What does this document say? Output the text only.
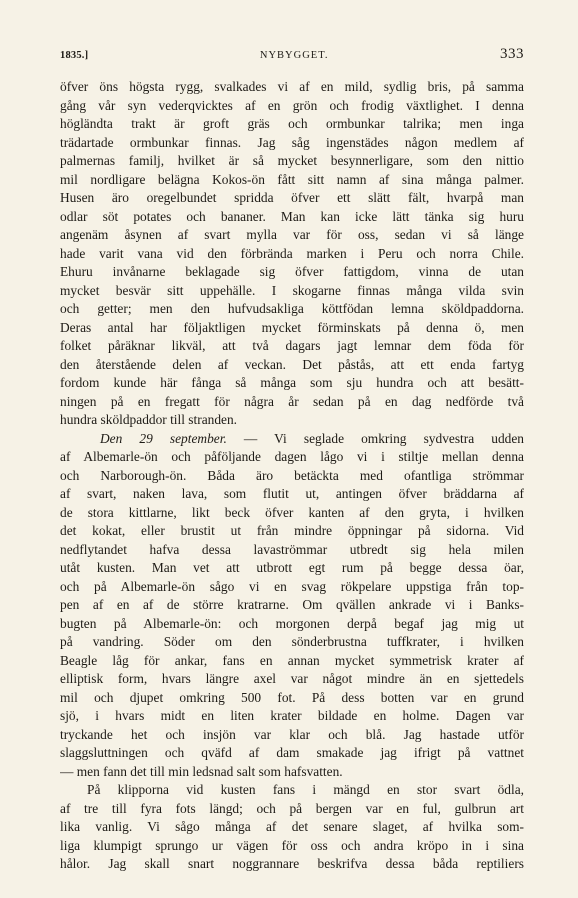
1835.]	NYBYGGET.	333
öfver öns högsta rygg, svalkades vi af en mild, sydlig bris, på samma
gång vår syn vederqvicktes af en grön och frodig växtlighet. I denna
högländta trakt är groft gräs och ormbunkar talrika; men inga
trädartade ormbunkar finnas. Jag såg ingenstädes någon medlem af
palmernas familj, hvilket är så mycket besynnerligare, som den nittio
mil nordligare belägna Kokos-ön fått sitt namn af sina många palmer.
Husen äro oregelbundet spridda öfver ett slätt fält, hvarpå man
odlar söt potates och bananer. Man kan icke lätt tänka sig huru
angenäm åsynen af svart mylla var för oss, sedan vi så länge
hade varit vana vid den förbrända marken i Peru och norra Chile.
Ehuru invånarne beklagade sig öfver fattigdom, vinna de utan
mycket besvär sitt uppehälle. I skogarne finnas många vilda svin
och getter; men den hufvudsakliga köttfödan lemna sköldpaddorna.
Deras antal har följaktligen mycket förminskats på denna ö, men
folket påräknar likväl, att två dagars jagt lemnar dem föda för
den återstående delen af veckan. Det påstås, att ett enda fartyg
fordom kunde här fånga så många som sju hundra och att besätt-
ningen på en fregatt för några år sedan på en dag nedförde två
hundra sköldpaddor till stranden.
Den 29 september. — Vi seglade omkring sydvestra udden
af Albemarle-ön och påföljande dagen lågo vi i stiltje mellan denna
och Narborough-ön. Båda äro betäckta med ofantliga strömmar
af svart, naken lava, som flutit ut, antingen öfver bräddarna af
de stora kittlarne, likt beck öfver kanten af den gryta, i hvilken
det kokat, eller brustit ut från mindre öppningar på sidorna. Vid
nedflytandet hafva dessa lavaströmmar utbredt sig hela milen
utåt kusten. Man vet att utbrott egt rum på begge dessa öar,
och på Albemarle-ön sågo vi en svag rökpelare uppstiga från top-
pen af en af de större kratrarne. Om qvällen ankrade vi i Banks-
bugten på Albemarle-ön: och morgonen derpå begaf jag mig ut
på vandring. Söder om den sönderbrustna tuffkrater, i hvilken
Beagle låg för ankar, fans en annan mycket symmetrisk krater af
elliptisk form, hvars längre axel var något mindre än en sjettedels
mil och djupet omkring 500 fot. På dess botten var en grund
sjö, i hvars midt en liten krater bildade en holme. Dagen var
tryckande het och insjön var klar och blå. Jag hastade utför
slaggsluttningen och qväfd af dam smakade jag ifrigt på vattnet
— men fann det till min ledsnad salt som hafsvatten.
På klipporna vid kusten fans i mängd en stor svart ödla,
af tre till fyra fots längd; och på bergen var en ful, gulbrun art
lika vanlig. Vi sågo många af det senare slaget, af hvilka som-
liga klumpigt sprungo ur vägen för oss och andra kröpo in i sina
hålor. Jag skall snart noggrannare beskrifva dessa båda reptiliers
